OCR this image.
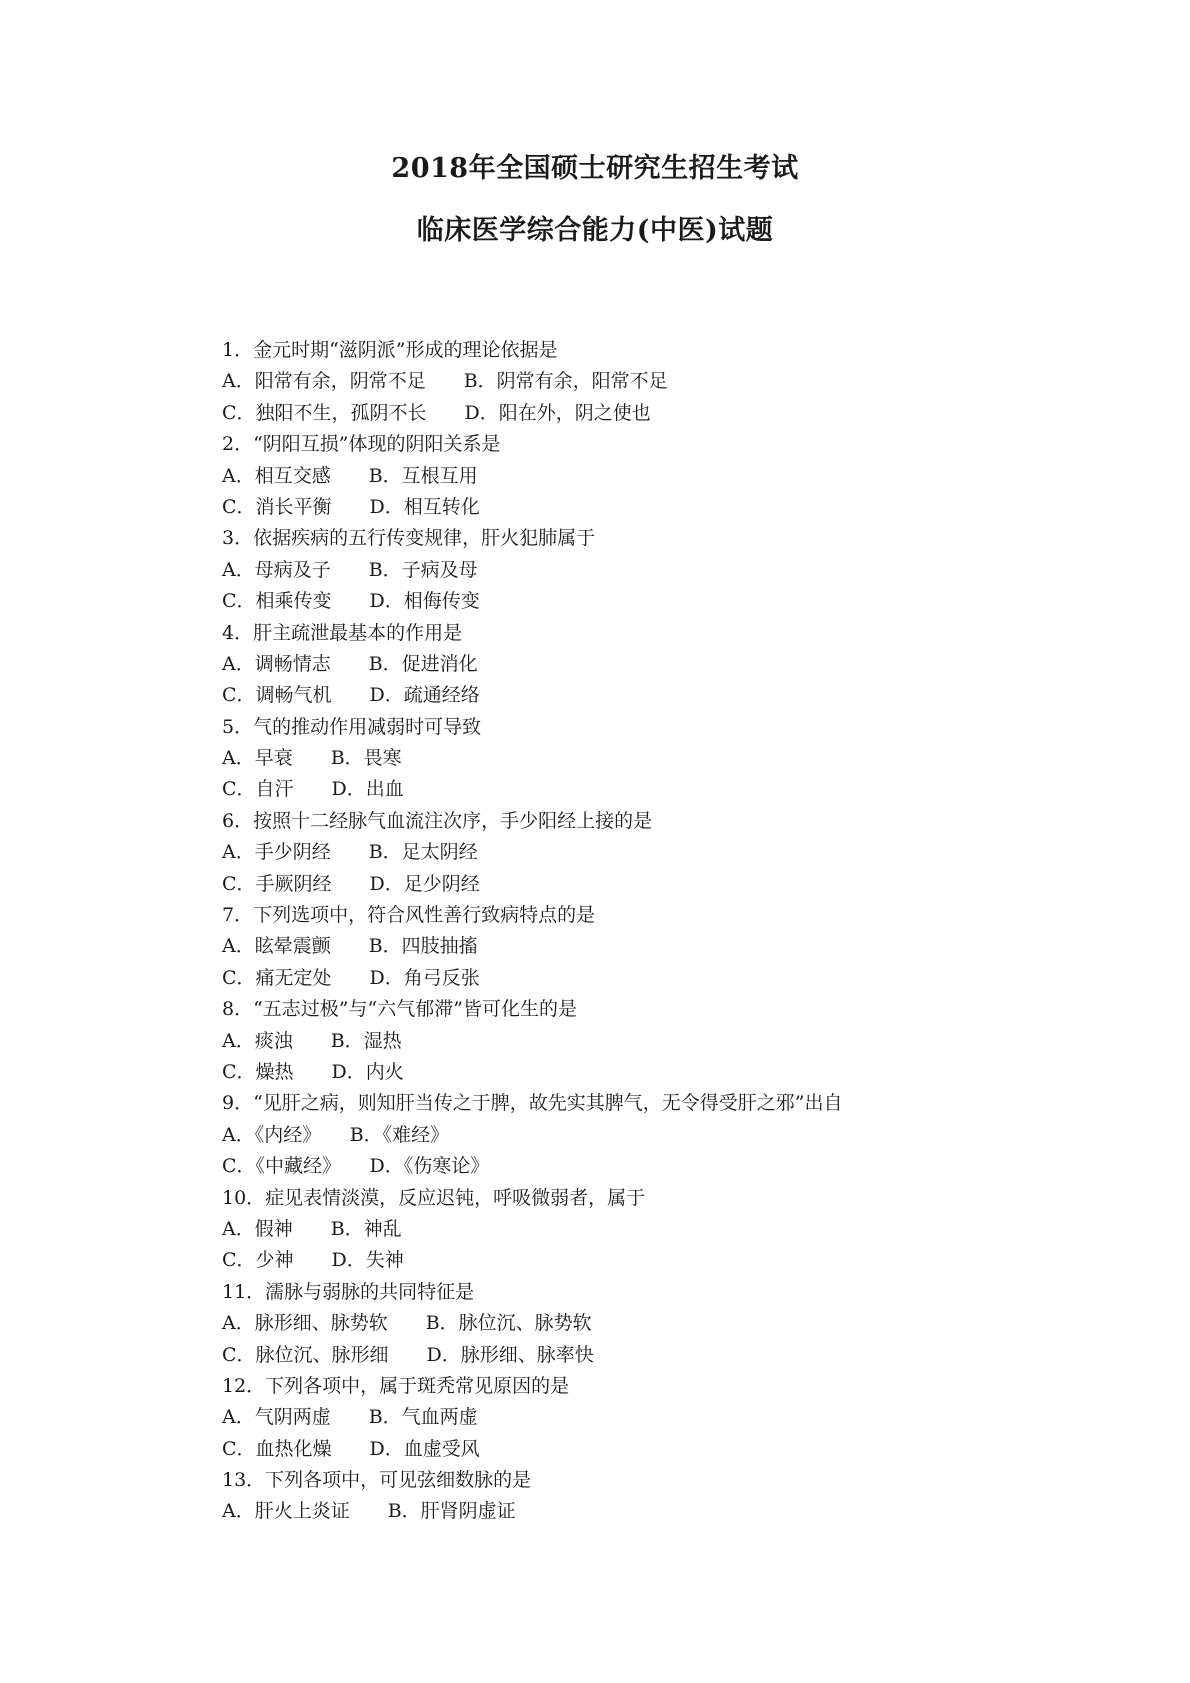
2018年全国硕士研究生招生考试
临床医学综合能力(中医)试题
1．金元时期“滋阴派”形成的理论依据是
A．阳常有余，阴常不足　　B．阴常有余，阳常不足
C．独阳不生，孤阴不长　　D．阳在外，阴之使也
2．“阴阳互损”体现的阴阳关系是
A．相互交感　　B．互根互用
C．消长平衡　　D．相互转化
3．依据疾病的五行传变规律，肝火犯肺属于
A．母病及子　　B．子病及母
C．相乘传变　　D．相侮传变
4．肝主疏泄最基本的作用是
A．调畅情志　　B．促进消化
C．调畅气机　　D．疏通经络
5．气的推动作用减弱时可导致
A．早衰　　B．畏寒
C．自汗　　D．出血
6．按照十二经脉气血流注次序，手少阳经上接的是
A．手少阴经　　B．足太阴经
C．手厥阴经　　D．足少阴经
7．下列选项中，符合风性善行致病特点的是
A．眩晕震颤　　B．四肢抽搐
C．痛无定处　　D．角弓反张
8．“五志过极”与“六气郁滞”皆可化生的是
A．痰浊　　B．湿热
C．燥热　　D．内火
9．“见肝之病，则知肝当传之于脾，故先实其脾气，无令得受肝之邪”出自
A．《内经》　　B．《难经》
C．《中藏经》　　D．《伤寒论》
10．症见表情淡漠，反应迟钝，呼吸微弱者，属于
A．假神　　B．神乱
C．少神　　D．失神
11．濡脉与弱脉的共同特征是
A．脉形细、脉势软　　B．脉位沉、脉势软
C．脉位沉、脉形细　　D．脉形细、脉率快
12．下列各项中，属于斑秃常见原因的是
A．气阴两虚　　B．气血两虚
C．血热化燥　　D．血虚受风
13．下列各项中，可见弦细数脉的是
A．肝火上炎证　　B．肝肾阴虚证
